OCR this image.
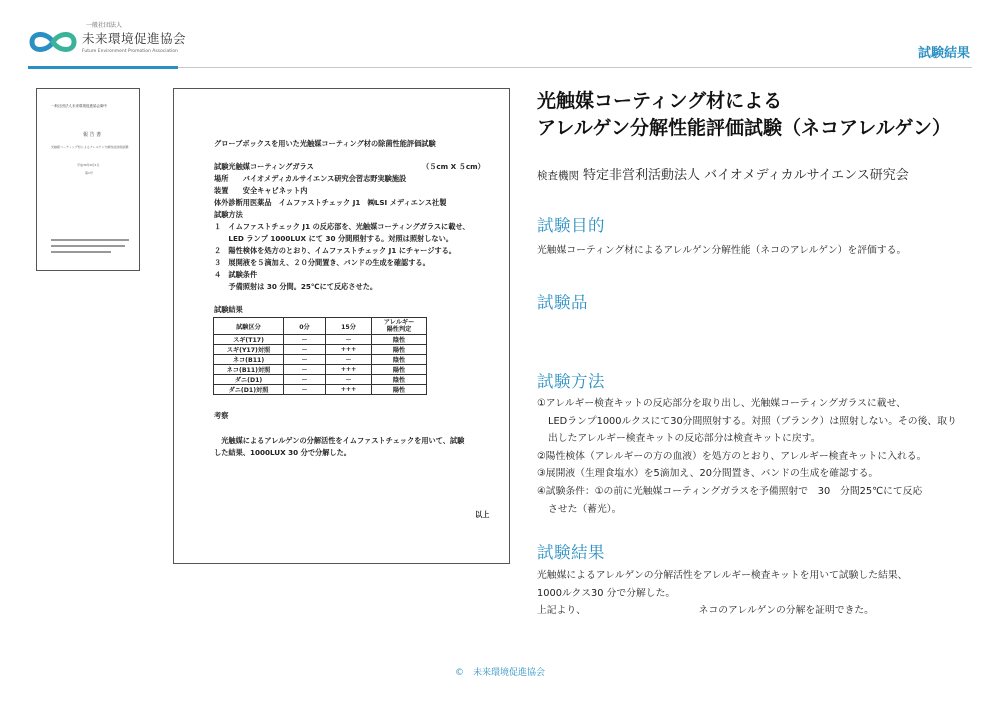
一般社団法人
未来環境促進協会
Future Environment Promotion Association	試験結果
一般社団法人未来環境促進協会御中
報 告 書
光触媒コーティング材によるアレルゲン分解性能評価試験
平成30年9月1日
第1号
グローブボックスを用いた光触媒コーティング材の除菌性能評価試験
試験光触媒コーティングガラス	（５cm X ５cm）
場所　　バイオメディカルサイエンス研究会習志野実験施設
装置　　安全キャビネット内
体外診断用医薬品　イムファストチェック J1　㈱LSI メディエンス社製
試験方法
１　イムファストチェック J1 の反応部を、光触媒コーティングガラスに載せ、
　　LED ランプ 1000LUX にて 30 分間照射する。対照は照射しない。
２　陽性検体を処方のとおり、イムファストチェック J1 にチャージする。
３　展開液を５滴加え、２０分間置き、バンドの生成を確認する。
４　試験条件
　　予備照射は 30 分間。25℃にて反応させた。
試験結果
試験区分	0分	15分	アレルギー
陽性判定
スギ(T17)	－	－	陰性
スギ(Y17)対照	－	+++	陽性
ネコ(B11)	－	－	陰性
ネコ(B11)対照	－	+++	陽性
ダニ(D1)	－	－	陰性
ダニ(D1)対照	－	+++	陽性
考察
　光触媒によるアレルゲンの分解活性をイムファストチェックを用いて、試験
した結果、1000LUX 30 分で分解した。
以上
光触媒コーティング材による
アレルゲン分解性能評価試験（ネコアレルゲン）
検査機関 特定非営利活動法人 バイオメディカルサイエンス研究会
試験目的
光触媒コーティング材によるアレルゲン分解性能（ネコのアレルゲン）を評価する。
試験品
試験方法

①アレルギー検査キットの反応部分を取り出し、光触媒コーティングガラスに載せ、

LEDランプ1000ルクスにて30分間照射する。対照（ブランク）は照射しない。その後、取り

出したアレルギー検査キットの反応部分は検査キットに戻す。

②陽性検体（アレルギーの方の血液）を処方のとおり、アレルギー検査キットに入れる。

③展開液（生理食塩水）を5滴加え、20分間置き、バンドの生成を確認する。

④試験条件：①の前に光触媒コーティングガラスを予備照射で　30　分間25℃にて反応

させた（蓄光）。

試験結果

光触媒によるアレルゲンの分解活性をアレルギー検査キットを用いて試験した結果、

1000ルクス30 分で分解した。

上記より、　　　　　　　　　　　　ネコのアレルゲンの分解を証明できた。

©　未来環境促進協会
